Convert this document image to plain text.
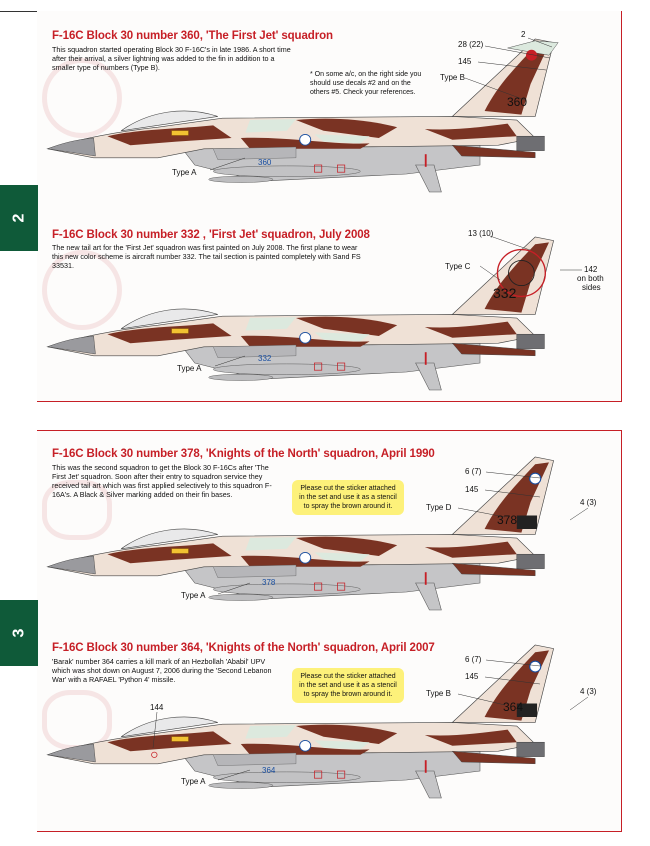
2
F-16C Block 30 number 360, 'The First Jet' squadron
This squadron started operating Block 30 F-16C's in late 1986. A short time after their arrival, a silver lightning was added to the fin in addition to a smaller type of numbers (Type B).
* On some a/c, on the right side you should use decals #2 and on the others #5. Check your references.
2
28 (22)
145
Type B
Type A
F-16C Block 30 number 332 , 'First Jet' squadron, July 2008
The new tail art for the 'First Jet' squadron was first painted on July 2008. The first plane to wear this new color scheme is aircraft number 332. The tail section is painted completely with Sand FS 33531.
13 (10)
Type C	142
on both
sides
Type A
3
F-16C Block 30 number 378, 'Knights of the North' squadron, April 1990
This was the second squadron to get the Block 30 F-16Cs after 'The First Jet' squadron. Soon after their entry to squadron service they received tail art which was first applied selectively to this squadron F-16A's. A Black & Silver marking added on their fin bases.
Please cut the sticker attached in the set and use it as a stencil to spray the brown around it.
6 (7)
145
Type D
4 (3)
Type A
F-16C Block 30 number 364, 'Knights of the North' squadron, April 2007
'Barak' number 364 carries a kill mark of an Hezbollah 'Ababil' UPV which was shot down on August 7, 2006 during the 'Second Lebanon War' with a RAFAEL 'Python 4' missile.	Please cut the sticker attached in the set and use it as a stencil to spray the brown around it.
6 (7)
145
Type B	4 (3)
144
Type A
360
360
332
332
378
378
364
364
